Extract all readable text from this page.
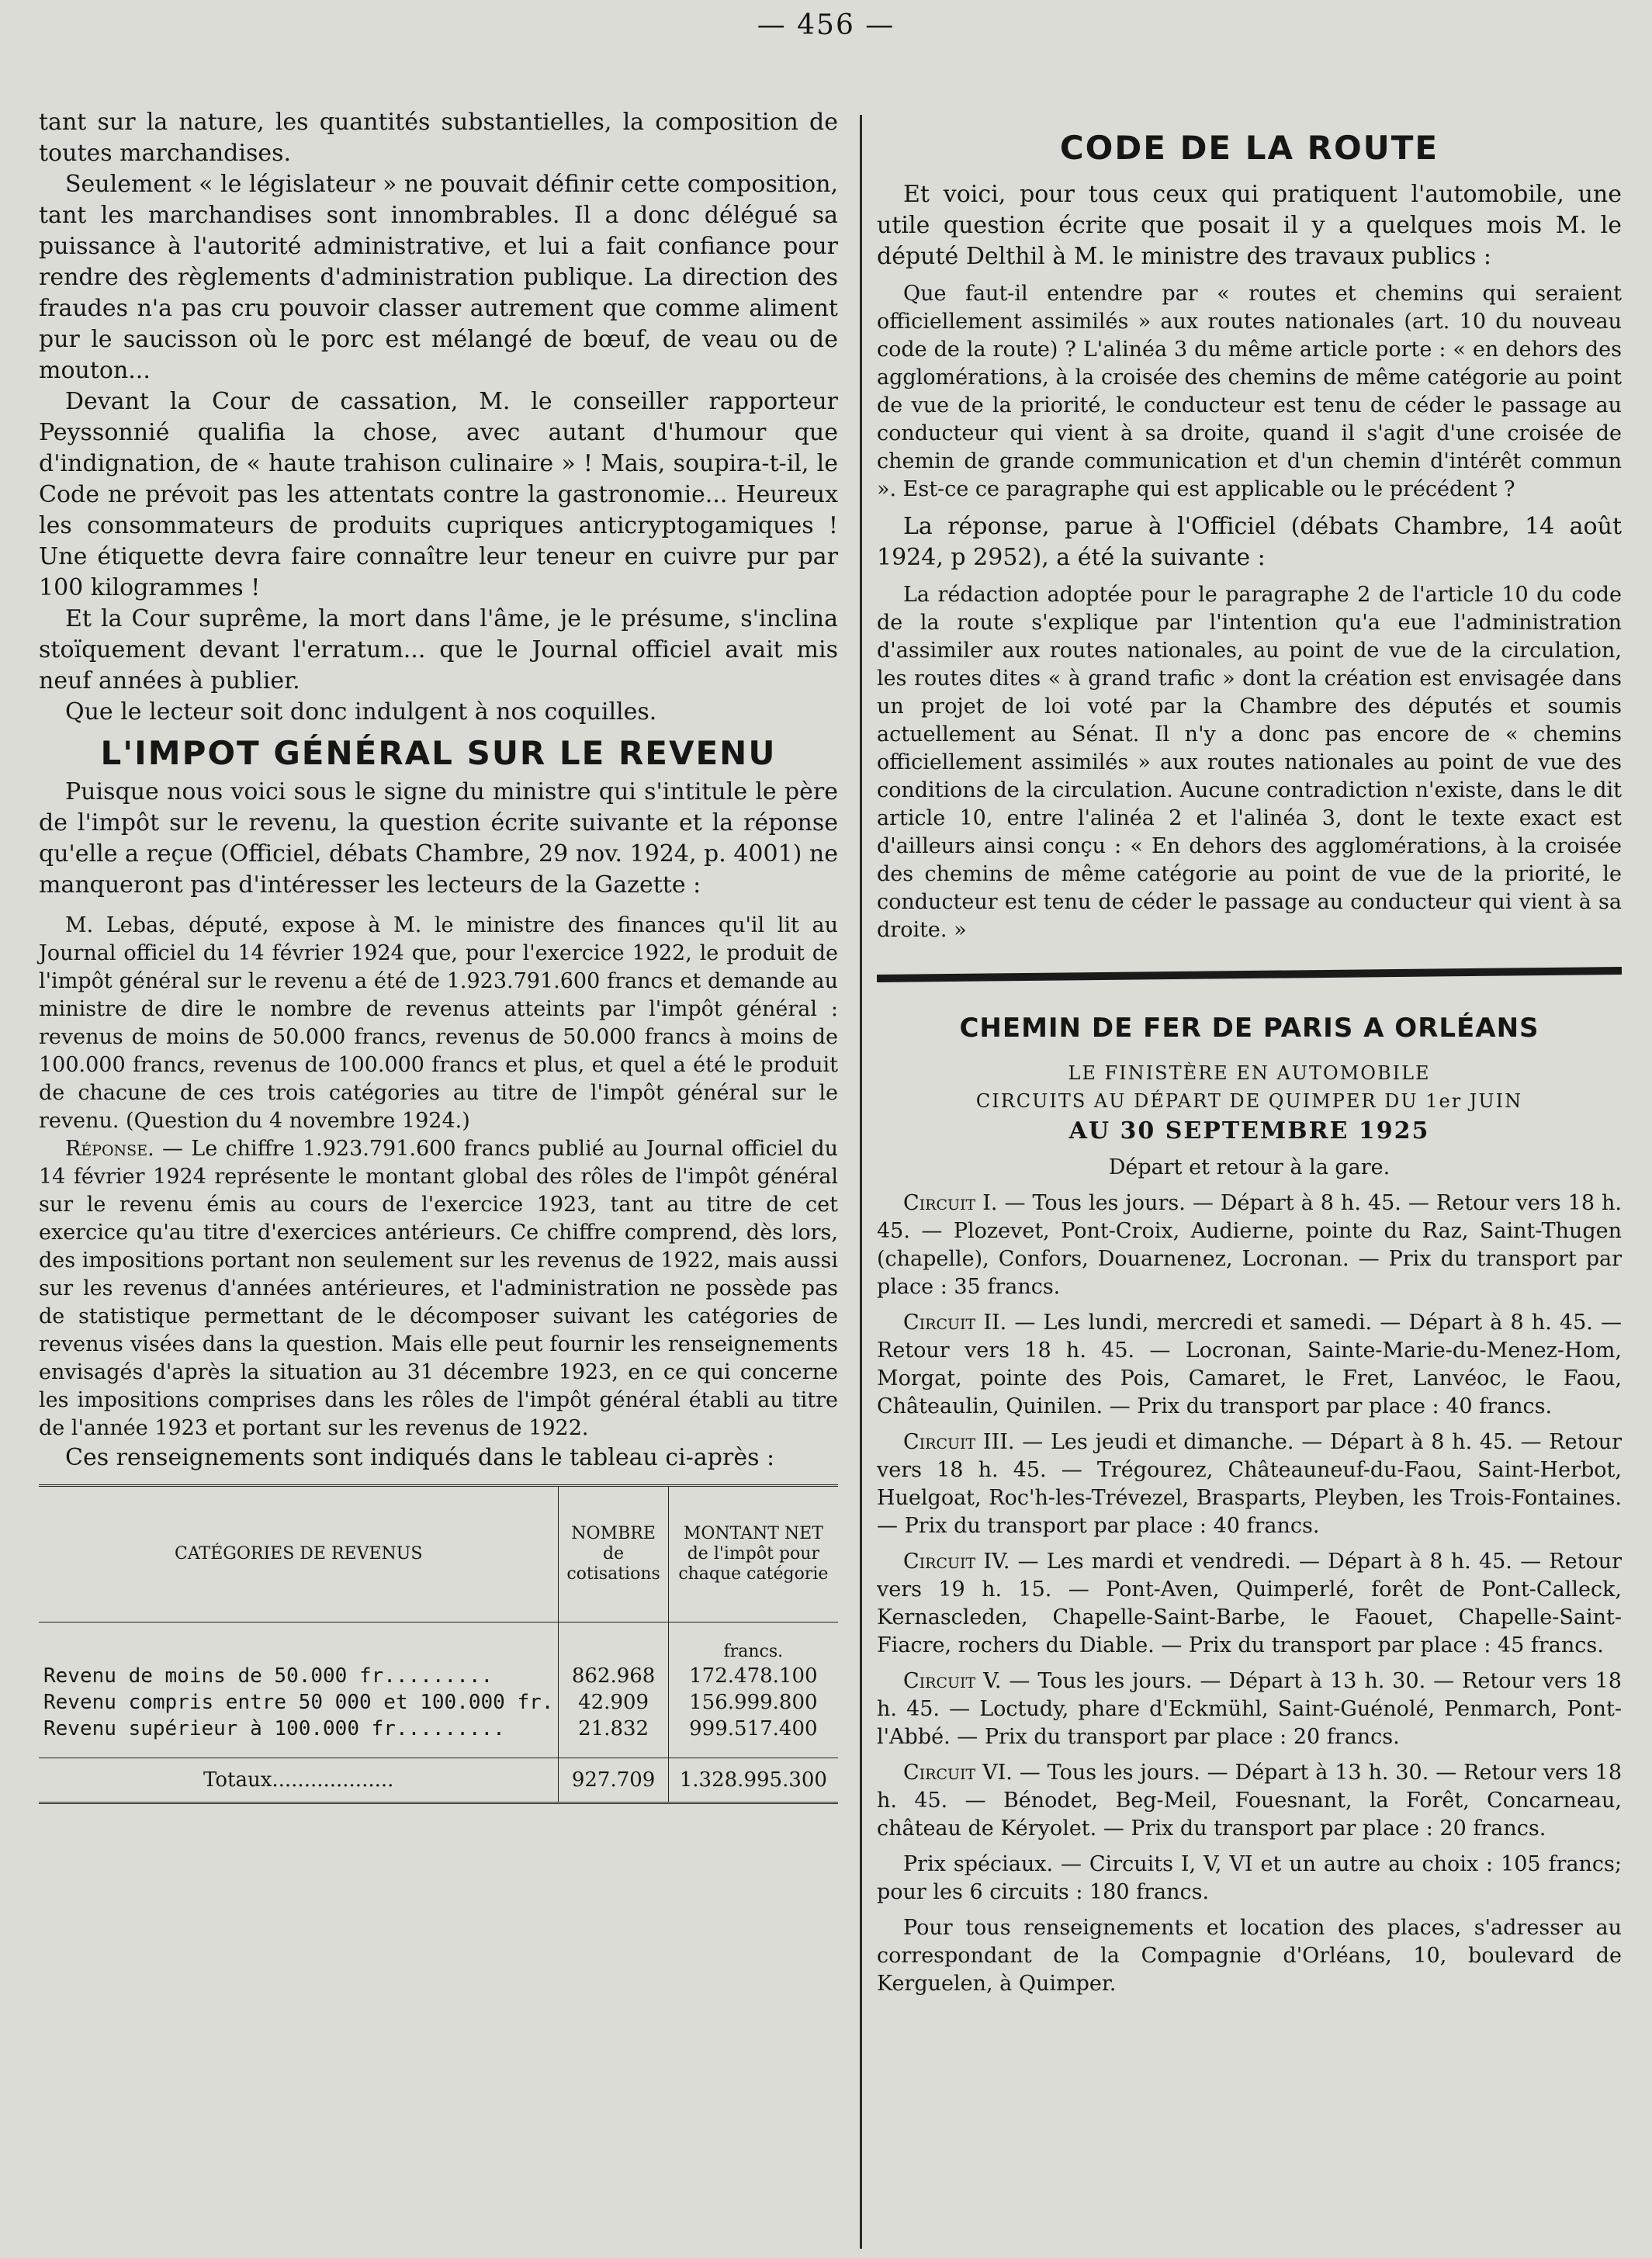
— 456 —

tant sur la nature, les quantités substantielles, la composition de toutes marchandises.

Seulement « le législateur » ne pouvait définir cette composition, tant les marchandises sont innombrables. Il a donc délégué sa puissance à l'autorité administrative, et lui a fait confiance pour rendre des règlements d'administration publique. La direction des fraudes n'a pas cru pouvoir classer autrement que comme aliment pur le saucisson où le porc est mélangé de bœuf, de veau ou de mouton...

Devant la Cour de cassation, M. le conseiller rapporteur Peyssonnié qualifia la chose, avec autant d'humour que d'indignation, de « haute trahison culinaire » ! Mais, soupira-t-il, le Code ne prévoit pas les attentats contre la gastronomie... Heureux les consommateurs de produits cupriques anticryptogamiques ! Une étiquette devra faire connaître leur teneur en cuivre pur par 100 kilogrammes !

Et la Cour suprême, la mort dans l'âme, je le présume, s'inclina stoïquement devant l'erratum... que le Journal officiel avait mis neuf années à publier.

Que le lecteur soit donc indulgent à nos coquilles.

L'IMPOT GÉNÉRAL SUR LE REVENU

Puisque nous voici sous le signe du ministre qui s'intitule le père de l'impôt sur le revenu, la question écrite suivante et la réponse qu'elle a reçue (Officiel, débats Chambre, 29 nov. 1924, p. 4001) ne manqueront pas d'intéresser les lecteurs de la Gazette :

M. Lebas, député, expose à M. le ministre des finances qu'il lit au Journal officiel du 14 février 1924 que, pour l'exercice 1922, le produit de l'impôt général sur le revenu a été de 1.923.791.600 francs et demande au ministre de dire le nombre de revenus atteints par l'impôt général : revenus de moins de 50.000 francs, revenus de 50.000 francs à moins de 100.000 francs, revenus de 100.000 francs et plus, et quel a été le produit de chacune de ces trois catégories au titre de l'impôt général sur le revenu. (Question du 4 novembre 1924.)

Réponse. — Le chiffre 1.923.791.600 francs publié au Journal officiel du 14 février 1924 représente le montant global des rôles de l'impôt général sur le revenu émis au cours de l'exercice 1923, tant au titre de cet exercice qu'au titre d'exercices antérieurs. Ce chiffre comprend, dès lors, des impositions portant non seulement sur les revenus de 1922, mais aussi sur les revenus d'années antérieures, et l'administration ne possède pas de statistique permettant de le décomposer suivant les catégories de revenus visées dans la question. Mais elle peut fournir les renseignements envisagés d'après la situation au 31 décembre 1923, en ce qui concerne les impositions comprises dans les rôles de l'impôt général établi au titre de l'année 1923 et portant sur les revenus de 1922.

Ces renseignements sont indiqués dans le tableau ci-après :

CATÉGORIES DE REVENUS	NOMBRE de cotisations	MONTANT NET de l'impôt pour chaque catégorie
		francs.
Revenu de moins de 50.000 fr.........	862.968	172.478.100
Revenu compris entre 50 000 et 100.000 fr.	42.909	156.999.800
Revenu supérieur à 100.000 fr.........	21.832	999.517.400

Totaux...................	927.709	1.328.995.300
CODE DE LA ROUTE

Et voici, pour tous ceux qui pratiquent l'automobile, une utile question écrite que posait il y a quelques mois M. le député Delthil à M. le ministre des travaux publics :

Que faut-il entendre par « routes et chemins qui seraient officiellement assimilés » aux routes nationales (art. 10 du nouveau code de la route) ? L'alinéa 3 du même article porte : « en dehors des agglomérations, à la croisée des chemins de même catégorie au point de vue de la priorité, le conducteur est tenu de céder le passage au conducteur qui vient à sa droite, quand il s'agit d'une croisée de chemin de grande communication et d'un chemin d'intérêt commun ». Est-ce ce paragraphe qui est applicable ou le précédent ?

La réponse, parue à l'Officiel (débats Chambre, 14 août 1924, p 2952), a été la suivante :

La rédaction adoptée pour le paragraphe 2 de l'article 10 du code de la route s'explique par l'intention qu'a eue l'administration d'assimiler aux routes nationales, au point de vue de la circulation, les routes dites « à grand trafic » dont la création est envisagée dans un projet de loi voté par la Chambre des députés et soumis actuellement au Sénat. Il n'y a donc pas encore de « chemins officiellement assimilés » aux routes nationales au point de vue des conditions de la circulation. Aucune contradiction n'existe, dans le dit article 10, entre l'alinéa 2 et l'alinéa 3, dont le texte exact est d'ailleurs ainsi conçu : « En dehors des agglomérations, à la croisée des chemins de même catégorie au point de vue de la priorité, le conducteur est tenu de céder le passage au conducteur qui vient à sa droite. »

CHEMIN DE FER DE PARIS A ORLÉANS
LE FINISTÈRE EN AUTOMOBILE
CIRCUITS AU DÉPART DE QUIMPER DU 1er JUIN
AU 30 SEPTEMBRE 1925
Départ et retour à la gare.

Circuit I. — Tous les jours. — Départ à 8 h. 45. — Retour vers 18 h. 45. — Plozevet, Pont-Croix, Audierne, pointe du Raz, Saint-Thugen (chapelle), Confors, Douarnenez, Locronan. — Prix du transport par place : 35 francs.

Circuit II. — Les lundi, mercredi et samedi. — Départ à 8 h. 45. — Retour vers 18 h. 45. — Locronan, Sainte-Marie-du-Menez-Hom, Morgat, pointe des Pois, Camaret, le Fret, Lanvéoc, le Faou, Châteaulin, Quinilen. — Prix du transport par place : 40 francs.

Circuit III. — Les jeudi et dimanche. — Départ à 8 h. 45. — Retour vers 18 h. 45. — Trégourez, Châteauneuf-du-Faou, Saint-Herbot, Huelgoat, Roc'h-les-Trévezel, Brasparts, Pleyben, les Trois-Fontaines. — Prix du transport par place : 40 francs.

Circuit IV. — Les mardi et vendredi. — Départ à 8 h. 45. — Retour vers 19 h. 15. — Pont-Aven, Quimperlé, forêt de Pont-Calleck, Kernascleden, Chapelle-Saint-Barbe, le Faouet, Chapelle-Saint-Fiacre, rochers du Diable. — Prix du transport par place : 45 francs.

Circuit V. — Tous les jours. — Départ à 13 h. 30. — Retour vers 18 h. 45. — Loctudy, phare d'Eckmühl, Saint-Guénolé, Penmarch, Pont-l'Abbé. — Prix du transport par place : 20 francs.

Circuit VI. — Tous les jours. — Départ à 13 h. 30. — Retour vers 18 h. 45. — Bénodet, Beg-Meil, Fouesnant, la Forêt, Concarneau, château de Kéryolet. — Prix du transport par place : 20 francs.

Prix spéciaux. — Circuits I, V, VI et un autre au choix : 105 francs; pour les 6 circuits : 180 francs.

Pour tous renseignements et location des places, s'adresser au correspondant de la Compagnie d'Orléans, 10, boulevard de Kerguelen, à Quimper.
